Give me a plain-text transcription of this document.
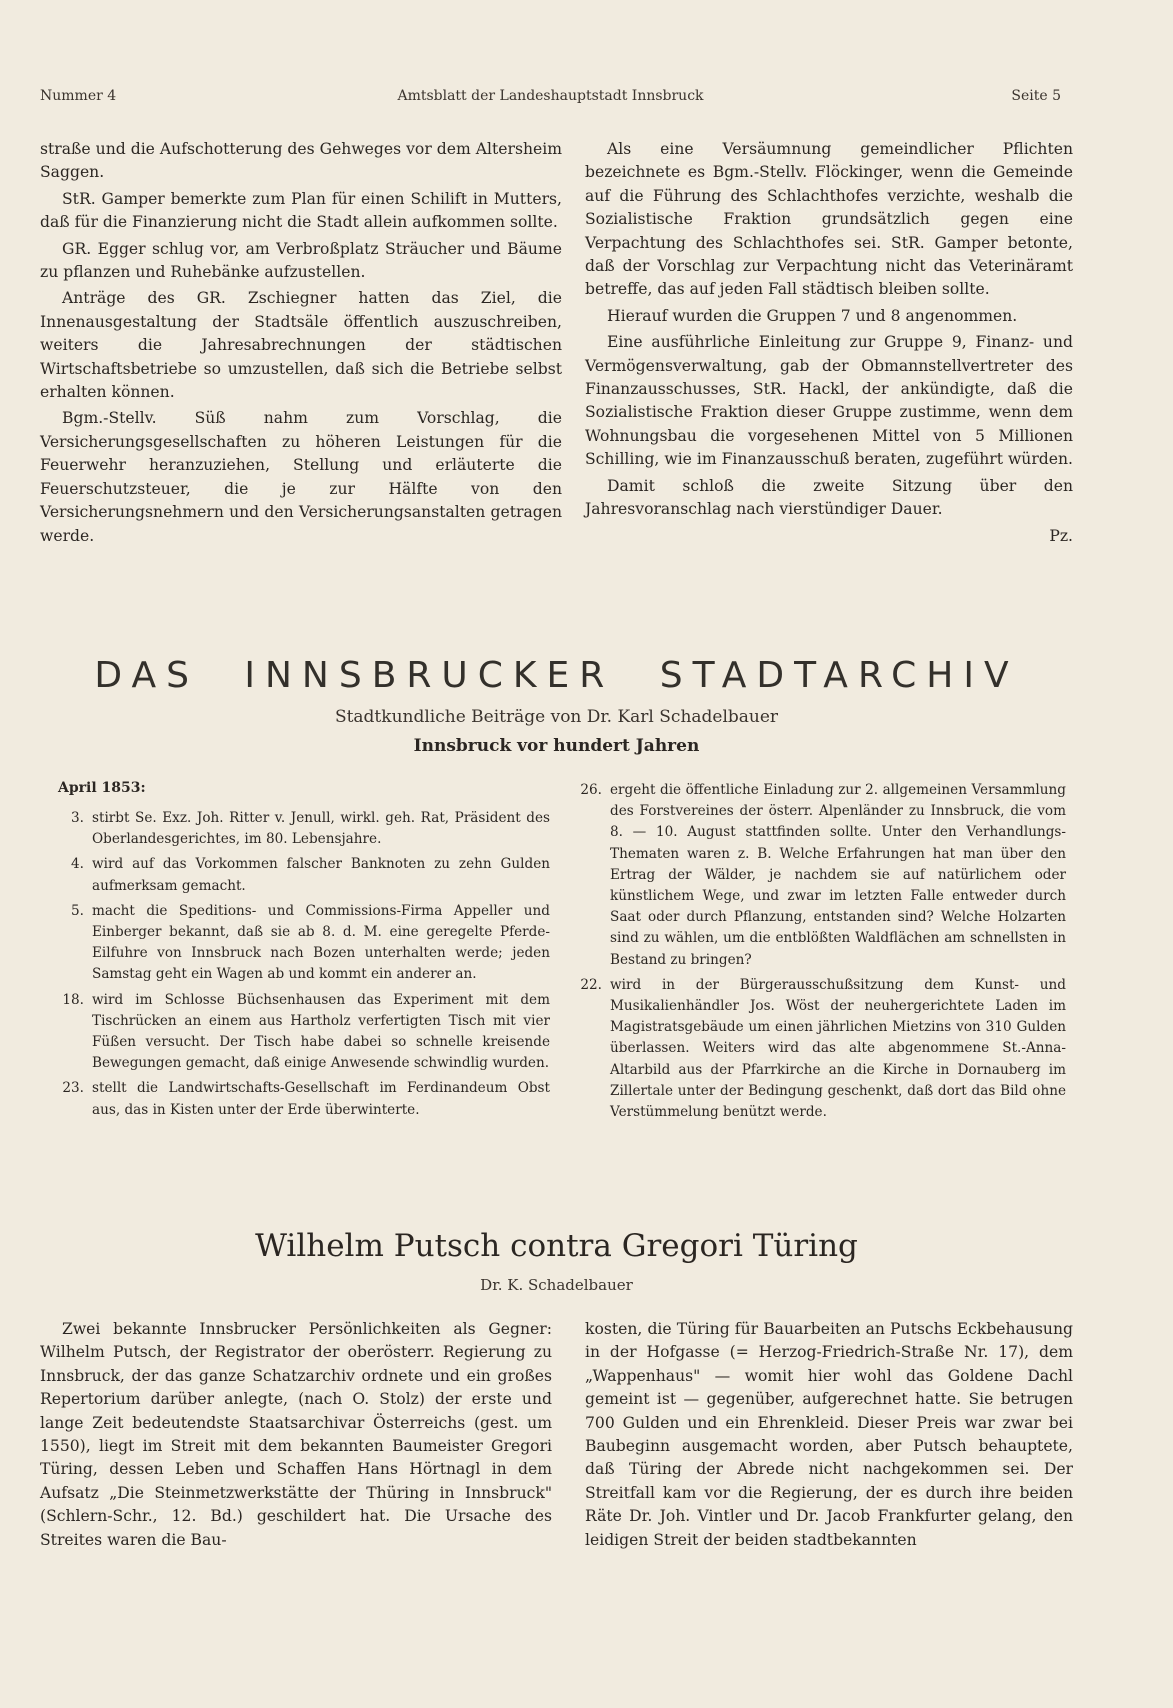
Nummer 4	Amtsblatt der Landeshauptstadt Innsbruck	Seite 5

straße und die Aufschotterung des Gehweges vor dem Altersheim Saggen.

StR. Gamper bemerkte zum Plan für einen Schilift in Mutters, daß für die Finanzierung nicht die Stadt allein aufkommen sollte.

GR. Egger schlug vor, am Verbroßplatz Sträucher und Bäume zu pflanzen und Ruhebänke aufzustellen.

Anträge des GR. Zschiegner hatten das Ziel, die Innenausgestaltung der Stadtsäle öffentlich auszuschreiben, weiters die Jahresabrechnungen der städtischen Wirtschaftsbetriebe so umzustellen, daß sich die Betriebe selbst erhalten können.

Bgm.-Stellv. Süß nahm zum Vorschlag, die Versicherungsgesellschaften zu höheren Leistungen für die Feuerwehr heranzuziehen, Stellung und erläuterte die Feuerschutzsteuer, die je zur Hälfte von den Versicherungsnehmern und den Versicherungsanstalten getragen werde.

Als eine Versäumnung gemeindlicher Pflichten bezeichnete es Bgm.-Stellv. Flöckinger, wenn die Gemeinde auf die Führung des Schlachthofes verzichte, weshalb die Sozialistische Fraktion grundsätzlich gegen eine Verpachtung des Schlachthofes sei. StR. Gamper betonte, daß der Vorschlag zur Verpachtung nicht das Veterinäramt betreffe, das auf jeden Fall städtisch bleiben sollte.

Hierauf wurden die Gruppen 7 und 8 angenommen.

Eine ausführliche Einleitung zur Gruppe 9, Finanz- und Vermögensverwaltung, gab der Obmannstellvertreter des Finanzausschusses, StR. Hackl, der ankündigte, daß die Sozialistische Fraktion dieser Gruppe zustimme, wenn dem Wohnungsbau die vorgesehenen Mittel von 5 Millionen Schilling, wie im Finanzausschuß beraten, zugeführt würden.

Damit schloß die zweite Sitzung über den Jahresvoranschlag nach vierstündiger Dauer.

Pz.
DAS INNSBRUCKER STADTARCHIV
Stadtkundliche Beiträge von Dr. Karl Schadelbauer
Innsbruck vor hundert Jahren
April 1853:
3. stirbt Se. Exz. Joh. Ritter v. Jenull, wirkl. geh. Rat, Präsident des Oberlandesgerichtes, im 80. Lebensjahre.
4. wird auf das Vorkommen falscher Banknoten zu zehn Gulden aufmerksam gemacht.
5. macht die Speditions- und Commissions-Firma Appeller und Einberger bekannt, daß sie ab 8. d. M. eine geregelte Pferde-Eilfuhre von Innsbruck nach Bozen unterhalten werde; jeden Samstag geht ein Wagen ab und kommt ein anderer an.
18. wird im Schlosse Büchsenhausen das Experiment mit dem Tischrücken an einem aus Hartholz verfertigten Tisch mit vier Füßen versucht. Der Tisch habe dabei so schnelle kreisende Bewegungen gemacht, daß einige Anwesende schwindlig wurden.
23. stellt die Landwirtschafts-Gesellschaft im Ferdinandeum Obst aus, das in Kisten unter der Erde überwinterte.
26. ergeht die öffentliche Einladung zur 2. allgemeinen Versammlung des Forstvereines der österr. Alpenländer zu Innsbruck, die vom 8. — 10. August stattfinden sollte. Unter den Verhandlungs-Thematen waren z. B. Welche Erfahrungen hat man über den Ertrag der Wälder, je nachdem sie auf natürlichem oder künstlichem Wege, und zwar im letzten Falle entweder durch Saat oder durch Pflanzung, entstanden sind? Welche Holzarten sind zu wählen, um die entblößten Waldflächen am schnellsten in Bestand zu bringen?
22. wird in der Bürgerausschußsitzung dem Kunst- und Musikalienhändler Jos. Wöst der neuhergerichtete Laden im Magistratsgebäude um einen jährlichen Mietzins von 310 Gulden überlassen. Weiters wird das alte abgenommene St.-Anna-Altarbild aus der Pfarrkirche an die Kirche in Dornauberg im Zillertale unter der Bedingung geschenkt, daß dort das Bild ohne Verstümmelung benützt werde.
Wilhelm Putsch contra Gregori Türing
Dr. K. Schadelbauer

Zwei bekannte Innsbrucker Persönlichkeiten als Gegner: Wilhelm Putsch, der Registrator der oberösterr. Regierung zu Innsbruck, der das ganze Schatzarchiv ordnete und ein großes Repertorium darüber anlegte, (nach O. Stolz) der erste und lange Zeit bedeutendste Staatsarchivar Österreichs (gest. um 1550), liegt im Streit mit dem bekannten Baumeister Gregori Türing, dessen Leben und Schaffen Hans Hörtnagl in dem Aufsatz „Die Steinmetzwerkstätte der Thüring in Innsbruck" (Schlern-Schr., 12. Bd.) geschildert hat. Die Ursache des Streites waren die Bau-

kosten, die Türing für Bauarbeiten an Putschs Eckbehausung in der Hofgasse (= Herzog-Friedrich-Straße Nr. 17), dem „Wappenhaus" — womit hier wohl das Goldene Dachl gemeint ist — gegenüber, aufgerechnet hatte. Sie betrugen 700 Gulden und ein Ehrenkleid. Dieser Preis war zwar bei Baubeginn ausgemacht worden, aber Putsch behauptete, daß Türing der Abrede nicht nachgekommen sei. Der Streitfall kam vor die Regierung, der es durch ihre beiden Räte Dr. Joh. Vintler und Dr. Jacob Frankfurter gelang, den leidigen Streit der beiden stadtbekannten
